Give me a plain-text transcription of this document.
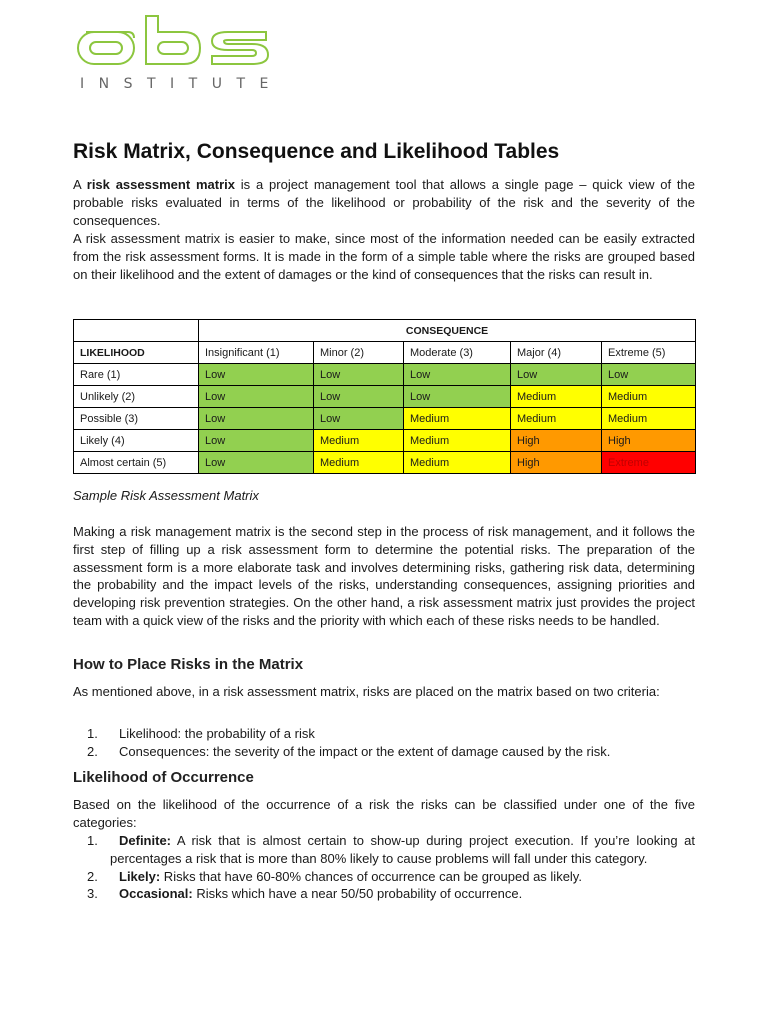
INSTITUTE
Risk Matrix, Consequence and Likelihood Tables

A risk assessment matrix is a project management tool that allows a single page – quick view of the probable risks evaluated in terms of the likelihood or probability of the risk and the severity of the consequences.

A risk assessment matrix is easier to make, since most of the information needed can be easily extracted from the risk assessment forms. It is made in the form of a simple table where the risks are grouped based on their likelihood and the extent of damages or the kind of consequences that the risks can result in.

	CONSEQUENCE				
LIKELIHOOD	Insignificant (1)	Minor (2)	Moderate (3)	Major (4)	Extreme (5)
Rare (1)	Low	Low	Low	Low	Low
Unlikely (2)	Low	Low	Low	Medium	Medium
Possible (3)	Low	Low	Medium	Medium	Medium
Likely (4)	Low	Medium	Medium	High	High
Almost certain (5)	Low	Medium	Medium	High	Extreme

Sample Risk Assessment Matrix

Making a risk management matrix is the second step in the process of risk management, and it follows the first step of filling up a risk assessment form to determine the potential risks. The preparation of the assessment form is a more elaborate task and involves determining risks, gathering risk data, determining the probability and the impact levels of the risks, understanding consequences, assigning priorities and developing risk prevention strategies. On the other hand, a risk assessment matrix just provides the project team with a quick view of the risks and the priority with which each of these risks needs to be handled.

How to Place Risks in the Matrix

As mentioned above, in a risk assessment matrix, risks are placed on the matrix based on two criteria:

1. Likelihood: the probability of a risk
2. Consequences: the severity of the impact or the extent of damage caused by the risk.
Likelihood of Occurrence

Based on the likelihood of the occurrence of a risk the risks can be classified under one of the five categories:

1. Definite: A risk that is almost certain to show-up during project execution. If you’re looking at percentages a risk that is more than 80% likely to cause problems will fall under this category.
2. Likely: Risks that have 60-80% chances of occurrence can be grouped as likely.
3. Occasional: Risks which have a near 50/50 probability of occurrence.
